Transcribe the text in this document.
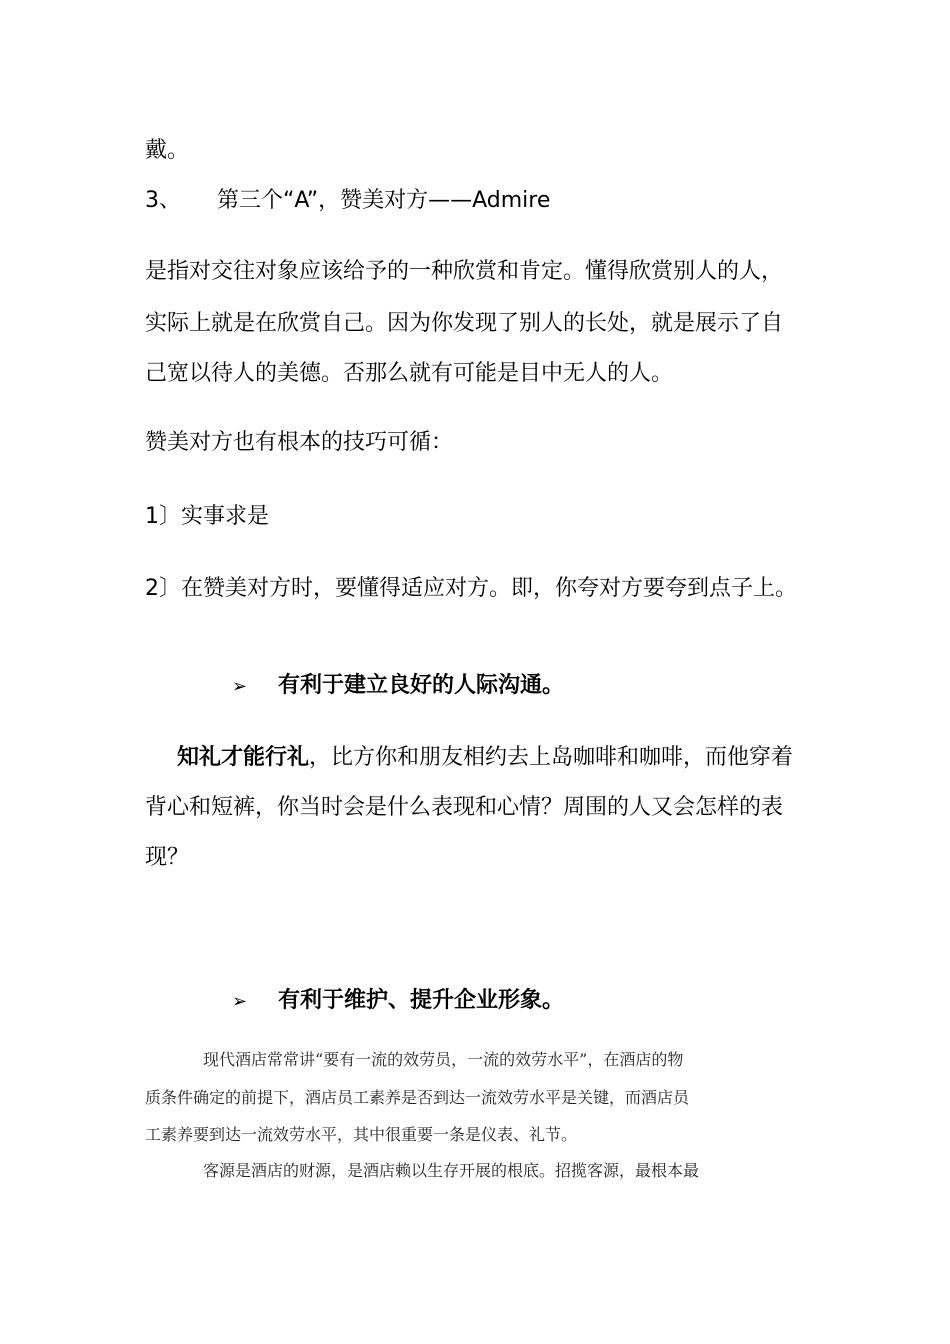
戴。
3、 第三个“A”，赞美对方——Admire
是指对交往对象应该给予的一种欣赏和肯定。懂得欣赏别人的人，
实际上就是在欣赏自己。因为你发现了别人的长处，就是展示了自
己宽以待人的美德。否那么就有可能是目中无人的人。
赞美对方也有根本的技巧可循：
1〕实事求是
2〕在赞美对方时，要懂得适应对方。即，你夸对方要夸到点子上。
➢ 有利于建立良好的人际沟通。
知礼才能行礼，比方你和朋友相约去上岛咖啡和咖啡，而他穿着
背心和短裤，你当时会是什么表现和心情？周围的人又会怎样的表
现？
➢ 有利于维护、提升企业形象。
现代酒店常常讲“要有一流的效劳员，一流的效劳水平”，在酒店的物
质条件确定的前提下，酒店员工素养是否到达一流效劳水平是关键，而酒店员
工素养要到达一流效劳水平，其中很重要一条是仪表、礼节。
客源是酒店的财源，是酒店赖以生存开展的根底。招揽客源，最根本最
